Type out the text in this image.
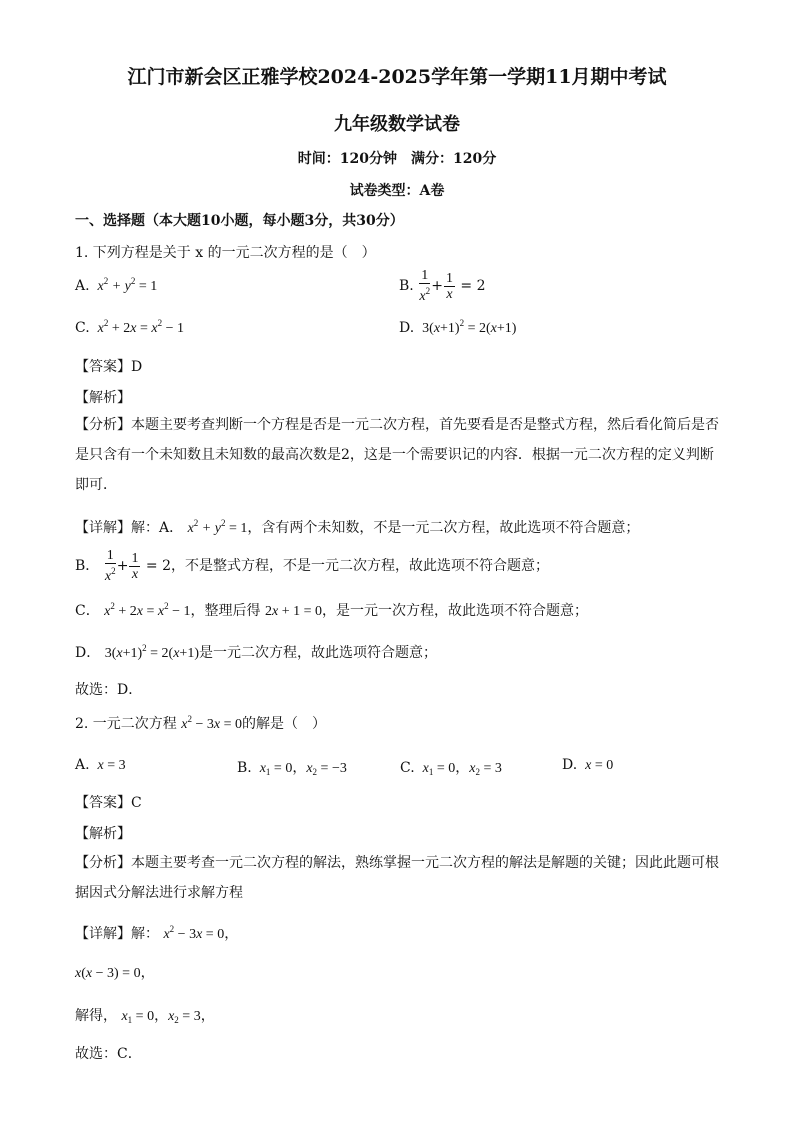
江门市新会区正雅学校2024-2025学年第一学期11月期中考试
九年级数学试卷
时间：120分钟　满分：120分
试卷类型：A卷
一、选择题（本大题10小题，每小题3分，共30分）
1. 下列方程是关于 x 的一元二次方程的是（　）
A.  $x^2 + y^2 = 1$	B. $\frac{1}{x^2} + \frac{1}{x} = 2$
C.  $x^2 + 2x = x^2 - 1$	D. $3(x+1)^2 = 2(x+1)$
【答案】D
【解析】
【分析】本题主要考查判断一个方程是否是一元二次方程，首先要看是否是整式方程，然后看化简后是否是只含有一个未知数且未知数的最高次数是2，这是一个需要识记的内容．根据一元二次方程的定义判断即可．
【详解】解：A． $x^2 + y^2 = 1$，含有两个未知数，不是一元二次方程，故此选项不符合题意；
B． $\frac{1}{x^2} + \frac{1}{x} = 2$，不是整式方程，不是一元二次方程，故此选项不符合题意；
C． $x^2 + 2x = x^2 - 1$，整理后得 2x + 1 = 0，是一元一次方程，故此选项不符合题意；
D． $3(x+1)^2 = 2(x+1)$是一元二次方程，故此选项符合题意；
故选：D．
2. 一元二次方程 $x^2 - 3x = 0$的解是（　）
A.  x = 3	B.  $x_1 = 0$，$x_2 = -3$	C.  $x_1 = 0$，$x_2 = 3$	D.  x = 0
【答案】C
【解析】
【分析】本题主要考查一元二次方程的解法，熟练掌握一元二次方程的解法是解题的关键；因此此题可根据因式分解法进行求解方程
【详解】解： $x^2 - 3x = 0$，
x(x − 3) = 0，
解得， $x_1 = 0$，$x_2 = 3$，
故选：C．
